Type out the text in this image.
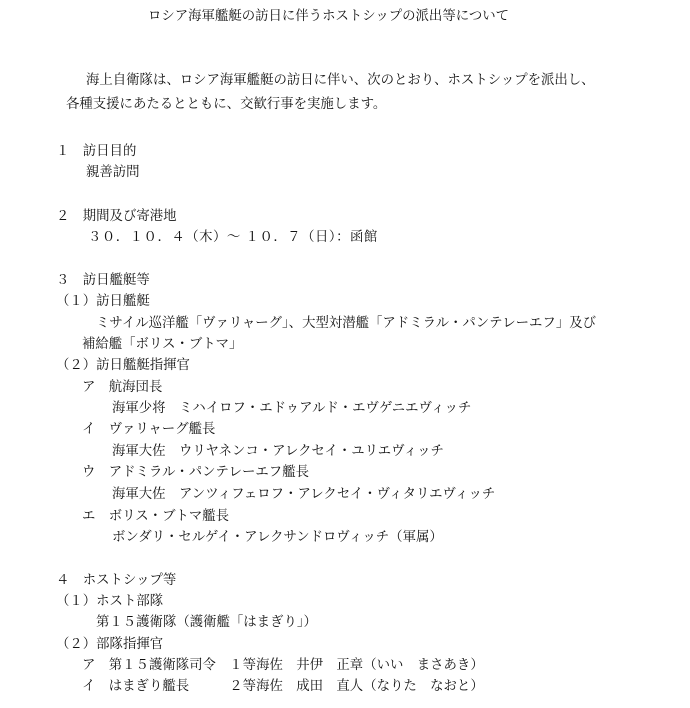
ロシア海軍艦艇の訪日に伴うホストシップの派出等について
海上自衛隊は、ロシア海軍艦艇の訪日に伴い、次のとおり、ホストシップを派出し、
各種支援にあたるとともに、交歓行事を実施します。
１　訪日目的
親善訪問
２　期間及び寄港地
３０．１０．４（木）～ １０．７（日）：函館
３　訪日艦艇等
（１）訪日艦艇
ミサイル巡洋艦「ヴァリャーグ」、大型対潜艦「アドミラル・パンテレーエフ」及び
補給艦「ボリス・ブトマ」
（２）訪日艦艇指揮官
ア　航海団長
海軍少将　ミハイロフ・エドゥアルド・エヴゲニエヴィッチ
イ　ヴァリャーグ艦長
海軍大佐　ウリヤネンコ・アレクセイ・ユリエヴィッチ
ウ　アドミラル・パンテレーエフ艦長
海軍大佐　アンツィフェロフ・アレクセイ・ヴィタリエヴィッチ
エ　ボリス・ブトマ艦長
ボンダリ・セルゲイ・アレクサンドロヴィッチ（軍属）
４　ホストシップ等
（１）ホスト部隊
第１５護衛隊（護衛艦「はまぎり」）
（２）部隊指揮官
ア　第１５護衛隊司令　１等海佐　井伊　正章（いい　まさあき）
イ　はまぎり艦長　　　２等海佐　成田　直人（なりた　なおと）
